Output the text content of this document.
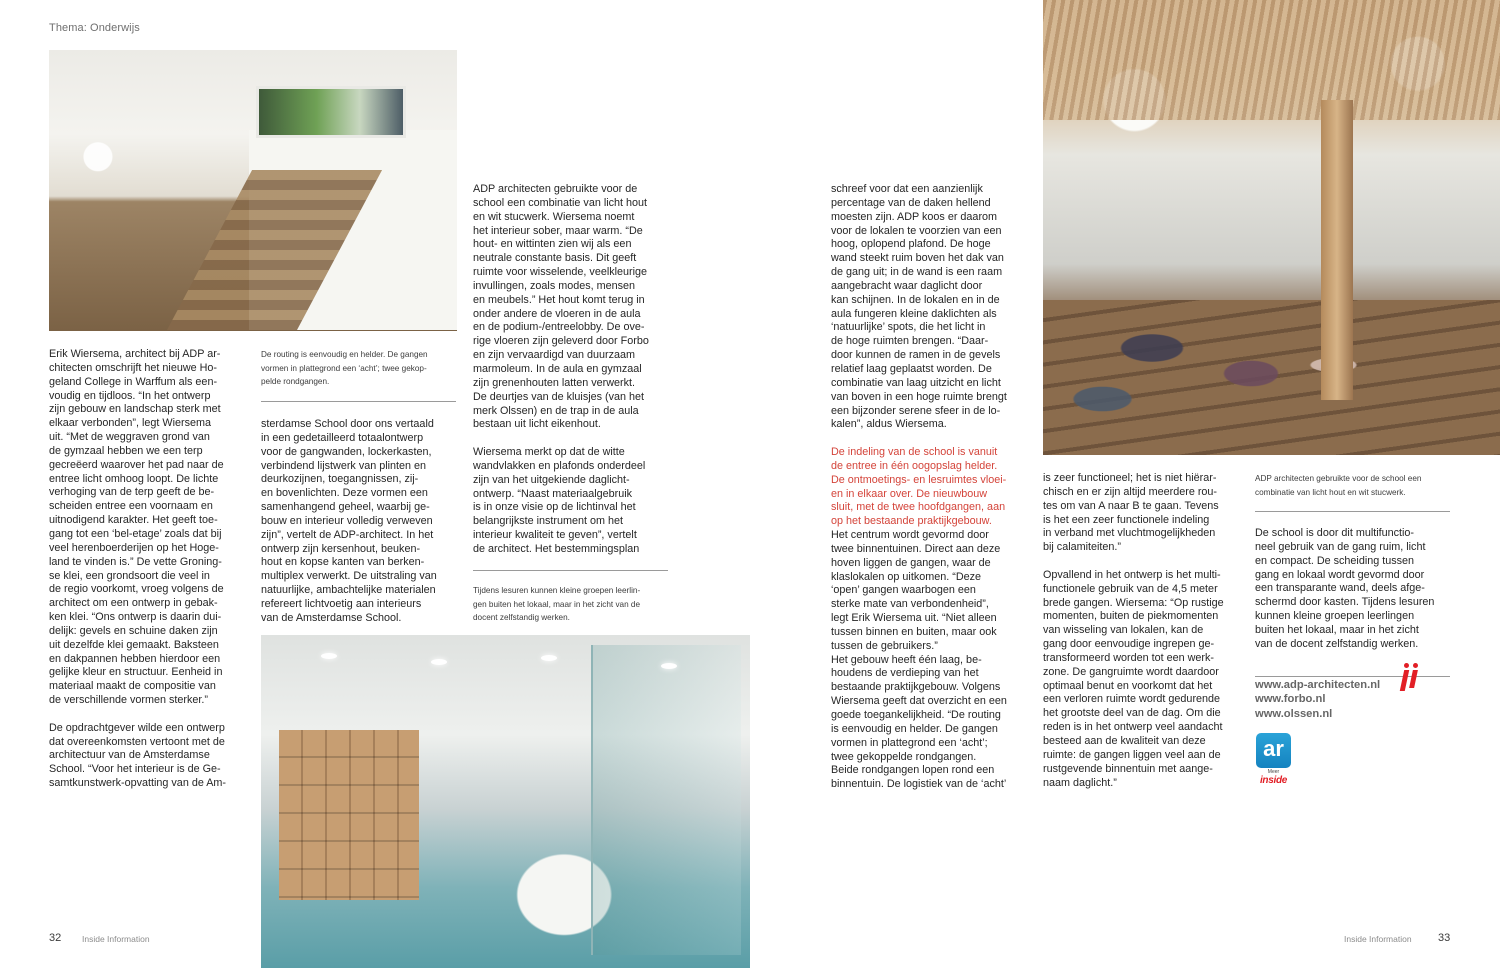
Thema: Onderwijs

Erik Wiersema, architect bij ADP ar-
chitecten omschrijft het nieuwe Ho-
geland College in Warffum als een-
voudig en tijdloos. “In het ontwerp
zijn gebouw en landschap sterk met
elkaar verbonden”, legt Wiersema
uit. “Met de weggraven grond van
de gymzaal hebben we een terp
gecreëerd waarover het pad naar de
entree licht omhoog loopt. De lichte
verhoging van de terp geeft de be-
scheiden entree een voornaam en
uitnodigend karakter. Het geeft toe-
gang tot een ‘bel-etage’ zoals dat bij
veel herenboerderijen op het Hoge-
land te vinden is.” De vette Groning-
se klei, een grondsoort die veel in
de regio voorkomt, vroeg volgens de
architect om een ontwerp in gebak-
ken klei. “Ons ontwerp is daarin dui-
delijk: gevels en schuine daken zijn
uit dezelfde klei gemaakt. Baksteen
en dakpannen hebben hierdoor een
gelijke kleur en structuur. Eenheid in
materiaal maakt de compositie van
de verschillende vormen sterker.”

De opdrachtgever wilde een ontwerp
dat overeenkomsten vertoont met de
architectuur van de Amsterdamse
School. “Voor het interieur is de Ge-
samtkunstwerk-opvatting van de Am-

De routing is eenvoudig en helder. De gangen
vormen in plattegrond een ‘acht’; twee gekop-
pelde rondgangen.

sterdamse School door ons vertaald
in een gedetailleerd totaalontwerp
voor de gangwanden, lockerkasten,
verbindend lijstwerk van plinten en
deurkozijnen, toegangnissen, zij-
en bovenlichten. Deze vormen een
samenhangend geheel, waarbij ge-
bouw en interieur volledig verweven
zijn”, vertelt de ADP-architect. In het
ontwerp zijn kersenhout, beuken-
hout en kopse kanten van berken-
multiplex verwerkt. De uitstraling van
natuurlijke, ambachtelijke materialen
refereert lichtvoetig aan interieurs
van de Amsterdamse School.

ADP architecten gebruikte voor de
school een combinatie van licht hout
en wit stucwerk. Wiersema noemt
het interieur sober, maar warm. “De
hout- en wittinten zien wij als een
neutrale constante basis. Dit geeft
ruimte voor wisselende, veelkleurige
invullingen, zoals modes, mensen
en meubels.” Het hout komt terug in
onder andere de vloeren in de aula
en de podium-/entreelobby. De ove-
rige vloeren zijn geleverd door Forbo
en zijn vervaardigd van duurzaam
marmoleum. In de aula en gymzaal
zijn grenenhouten latten verwerkt.
De deurtjes van de kluisjes (van het
merk Olssen) en de trap in de aula
bestaan uit licht eikenhout.

Wiersema merkt op dat de witte
wandvlakken en plafonds onderdeel
zijn van het uitgekiende daglicht-
ontwerp. “Naast materiaalgebruik
is in onze visie op de lichtinval het
belangrijkste instrument om het
interieur kwaliteit te geven”, vertelt
de architect. Het bestemmingsplan

Tijdens lesuren kunnen kleine groepen leerlin-
gen buiten het lokaal, maar in het zicht van de
docent zelfstandig werken.

schreef voor dat een aanzienlijk
percentage van de daken hellend
moesten zijn. ADP koos er daarom
voor de lokalen te voorzien van een
hoog, oplopend plafond. De hoge
wand steekt ruim boven het dak van
de gang uit; in de wand is een raam
aangebracht waar daglicht door
kan schijnen. In de lokalen en in de
aula fungeren kleine daklichten als
‘natuurlijke’ spots, die het licht in
de hoge ruimten brengen. “Daar-
door kunnen de ramen in de gevels
relatief laag geplaatst worden. De
combinatie van laag uitzicht en licht
van boven in een hoge ruimte brengt
een bijzonder serene sfeer in de lo-
kalen”, aldus Wiersema.

De indeling van de school is vanuit
de entree in één oogopslag helder.
De ontmoetings- en lesruimtes vloei-
en in elkaar over. De nieuwbouw
sluit, met de twee hoofdgangen, aan
op het bestaande praktijkgebouw.

Het centrum wordt gevormd door
twee binnentuinen. Direct aan deze
hoven liggen de gangen, waar de
klaslokalen op uitkomen. “Deze
‘open’ gangen waarbogen een
sterke mate van verbondenheid”,
legt Erik Wiersema uit. “Niet alleen
tussen binnen en buiten, maar ook
tussen de gebruikers.”
Het gebouw heeft één laag, be-
houdens de verdieping van het
bestaande praktijkgebouw. Volgens
Wiersema geeft dat overzicht en een
goede toegankelijkheid. “De routing
is eenvoudig en helder. De gangen
vormen in plattegrond een ‘acht’;
twee gekoppelde rondgangen.
Beide rondgangen lopen rond een
binnentuin. De logistiek van de ‘acht’

is zeer functioneel; het is niet hiërar-
chisch en er zijn altijd meerdere rou-
tes om van A naar B te gaan. Tevens
is het een zeer functionele indeling
in verband met vluchtmogelijkheden
bij calamiteiten.”

Opvallend in het ontwerp is het multi-
functionele gebruik van de 4,5 meter
brede gangen. Wiersema: “Op rustige
momenten, buiten de piekmomenten
van wisseling van lokalen, kan de
gang door eenvoudige ingrepen ge-
transformeerd worden tot een werk-
zone. De gangruimte wordt daardoor
optimaal benut en voorkomt dat het
een verloren ruimte wordt gedurende
het grootste deel van de dag. Om die
reden is in het ontwerp veel aandacht
besteed aan de kwaliteit van deze
ruimte: de gangen liggen veel aan de
rustgevende binnentuin met aange-
naam daglicht.”

ADP architecten gebruikte voor de school een
combinatie van licht hout en wit stucwerk.

De school is door dit multifunctio-
neel gebruik van de gang ruim, licht
en compact. De scheiding tussen
gang en lokaal wordt gevormd door
een transparante wand, deels afge-
schermd door kasten. Tijdens lesuren
kunnen kleine groepen leerlingen
buiten het lokaal, maar in het zicht
van de docent zelfstandig werken.

www.adp-architecten.nl
www.forbo.nl
www.olssen.nl
ar
Meer
inside
32 Inside Information	Inside Information 33
